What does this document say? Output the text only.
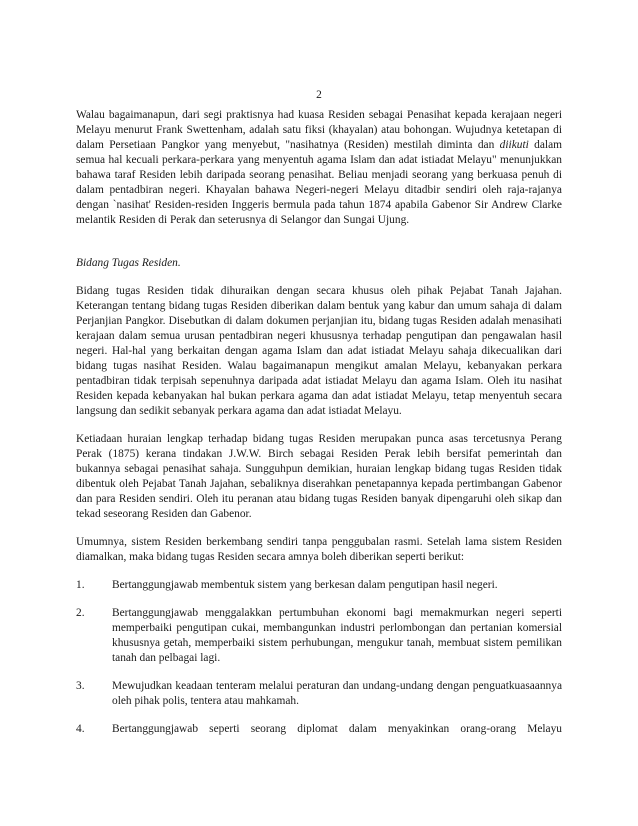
2

Walau bagaimanapun, dari segi praktisnya had kuasa Residen sebagai Penasihat kepada kerajaan negeri Melayu menurut Frank Swettenham, adalah satu fiksi (khayalan) atau bohongan. Wujudnya ketetapan di dalam Persetiaan Pangkor yang menyebut, "nasihatnya (Residen) mestilah diminta dan diikuti dalam semua hal kecuali perkara-perkara yang menyentuh agama Islam dan adat istiadat Melayu" menunjukkan bahawa taraf Residen lebih daripada seorang penasihat. Beliau menjadi seorang yang berkuasa penuh di dalam pentadbiran negeri. Khayalan bahawa Negeri-negeri Melayu ditadbir sendiri oleh raja-rajanya dengan `nasihat' Residen-residen Inggeris bermula pada tahun 1874 apabila Gabenor Sir Andrew Clarke melantik Residen di Perak dan seterusnya di Selangor dan Sungai Ujung.

Bidang Tugas Residen.

Bidang tugas Residen tidak dihuraikan dengan secara khusus oleh pihak Pejabat Tanah Jajahan. Keterangan tentang bidang tugas Residen diberikan dalam bentuk yang kabur dan umum sahaja di dalam Perjanjian Pangkor. Disebutkan di dalam dokumen perjanjian itu, bidang tugas Residen adalah menasihati kerajaan dalam semua urusan pentadbiran negeri khususnya terhadap pengutipan dan pengawalan hasil negeri. Hal-hal yang berkaitan dengan agama Islam dan adat istiadat Melayu sahaja dikecualikan dari bidang tugas nasihat Residen. Walau bagaimanapun mengikut amalan Melayu, kebanyakan perkara pentadbiran tidak terpisah sepenuhnya daripada adat istiadat Melayu dan agama Islam. Oleh itu nasihat Residen kepada kebanyakan hal bukan perkara agama dan adat istiadat Melayu, tetap menyentuh secara langsung dan sedikit sebanyak perkara agama dan adat istiadat Melayu.

Ketiadaan huraian lengkap terhadap bidang tugas Residen merupakan punca asas tercetusnya Perang Perak (1875) kerana tindakan J.W.W. Birch sebagai Residen Perak lebih bersifat pemerintah dan bukannya sebagai penasihat sahaja. Sungguhpun demikian, huraian lengkap bidang tugas Residen tidak dibentuk oleh Pejabat Tanah Jajahan, sebaliknya diserahkan penetapannya kepada pertimbangan Gabenor dan para Residen sendiri. Oleh itu peranan atau bidang tugas Residen banyak dipengaruhi oleh sikap dan tekad seseorang Residen dan Gabenor.

Umumnya, sistem Residen berkembang sendiri tanpa penggubalan rasmi. Setelah lama sistem Residen diamalkan, maka bidang tugas Residen secara amnya boleh diberikan seperti berikut:

1.	Bertanggungjawab membentuk sistem yang berkesan dalam pengutipan hasil negeri.
2.	Bertanggungjawab menggalakkan pertumbuhan ekonomi bagi memakmurkan negeri seperti memperbaiki pengutipan cukai, membangunkan industri perlombongan dan pertanian komersial khususnya getah, memperbaiki sistem perhubungan, mengukur tanah, membuat sistem pemilikan tanah dan pelbagai lagi.
3.	Mewujudkan keadaan tenteram melalui peraturan dan undang-undang dengan penguatkuasaannya oleh pihak polis, tentera atau mahkamah.
4.	Bertanggungjawab seperti seorang diplomat dalam menyakinkan orang-orang Melayu
